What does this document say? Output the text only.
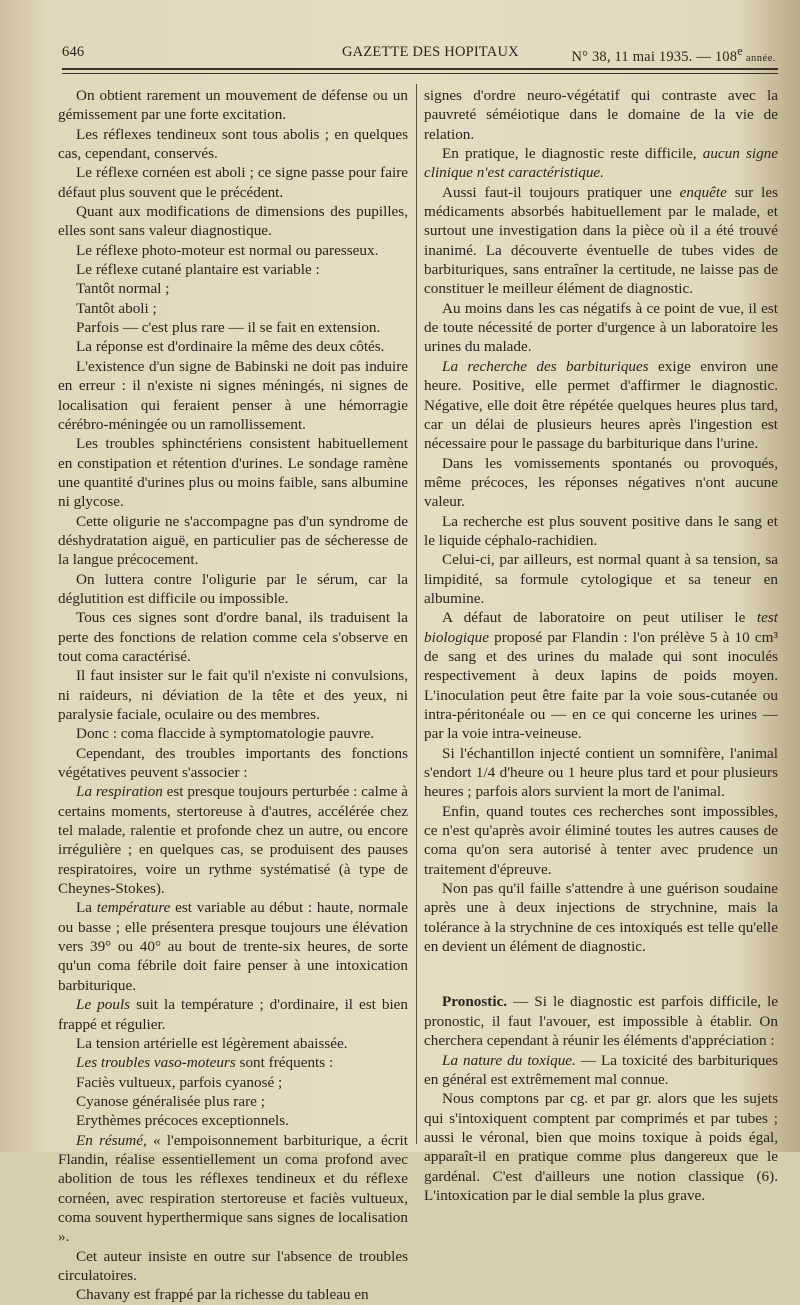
646	GAZETTE DES HOPITAUX	N° 38, 11 mai 1935. — 108e année.

On obtient rarement un mouvement de défense ou un gémissement par une forte excitation.

Les réflexes tendineux sont tous abolis ; en quelques cas, cependant, conservés.

Le réflexe cornéen est aboli ; ce signe passe pour faire défaut plus souvent que le précédent.

Quant aux modifications de dimensions des pupilles, elles sont sans valeur diagnostique.

Le réflexe photo-moteur est normal ou paresseux.

Le réflexe cutané plantaire est variable :

Tantôt normal ;

Tantôt aboli ;

Parfois — c'est plus rare — il se fait en extension.

La réponse est d'ordinaire la même des deux côtés.

L'existence d'un signe de Babinski ne doit pas induire en erreur : il n'existe ni signes méningés, ni signes de localisation qui feraient penser à une hémorragie cérébro-méningée ou un ramollissement.

Les troubles sphinctériens consistent habituellement en constipation et rétention d'urines. Le sondage ramène une quantité d'urines plus ou moins faible, sans albumine ni glycose.

Cette oligurie ne s'accompagne pas d'un syndrome de déshydratation aiguë, en particulier pas de sécheresse de la langue précocement.

On luttera contre l'oligurie par le sérum, car la déglutition est difficile ou impossible.

Tous ces signes sont d'ordre banal, ils traduisent la perte des fonctions de relation comme cela s'observe en tout coma caractérisé.

Il faut insister sur le fait qu'il n'existe ni convulsions, ni raideurs, ni déviation de la tête et des yeux, ni paralysie faciale, oculaire ou des membres.

Donc : coma flaccide à symptomatologie pauvre.

Cependant, des troubles importants des fonctions végétatives peuvent s'associer :

La respiration est presque toujours perturbée : calme à certains moments, stertoreuse à d'autres, accélérée chez tel malade, ralentie et profonde chez un autre, ou encore irrégulière ; en quelques cas, se produisent des pauses respiratoires, voire un rythme systématisé (à type de Cheynes-Stokes).

La température est variable au début : haute, normale ou basse ; elle présentera presque toujours une élévation vers 39° ou 40° au bout de trente-six heures, de sorte qu'un coma fébrile doit faire penser à une intoxication barbiturique.

Le pouls suit la température ; d'ordinaire, il est bien frappé et régulier.

La tension artérielle est légèrement abaissée.

Les troubles vaso-moteurs sont fréquents :

Faciès vultueux, parfois cyanosé ;

Cyanose généralisée plus rare ;

Erythèmes précoces exceptionnels.

En résumé, « l'empoisonnement barbiturique, a écrit Flandin, réalise essentiellement un coma profond avec abolition de tous les réflexes tendineux et du réflexe cornéen, avec respiration stertoreuse et faciès vultueux, coma souvent hyperthermique sans signes de localisation ».

Cet auteur insiste en outre sur l'absence de troubles circulatoires.

Chavany est frappé par la richesse du tableau en

signes d'ordre neuro-végétatif qui contraste avec la pauvreté séméiotique dans le domaine de la vie de relation.

En pratique, le diagnostic reste difficile, aucun signe clinique n'est caractéristique.

Aussi faut-il toujours pratiquer une enquête sur les médicaments absorbés habituellement par le malade, et surtout une investigation dans la pièce où il a été trouvé inanimé. La découverte éventuelle de tubes vides de barbituriques, sans entraîner la certitude, ne laisse pas de constituer le meilleur élément de diagnostic.

Au moins dans les cas négatifs à ce point de vue, il est de toute nécessité de porter d'urgence à un laboratoire les urines du malade.

La recherche des barbituriques exige environ une heure. Positive, elle permet d'affirmer le diagnostic. Négative, elle doit être répétée quelques heures plus tard, car un délai de plusieurs heures après l'ingestion est nécessaire pour le passage du barbiturique dans l'urine.

Dans les vomissements spontanés ou provoqués, même précoces, les réponses négatives n'ont aucune valeur.

La recherche est plus souvent positive dans le sang et le liquide céphalo-rachidien.

Celui-ci, par ailleurs, est normal quant à sa tension, sa limpidité, sa formule cytologique et sa teneur en albumine.

A défaut de laboratoire on peut utiliser le test biologique proposé par Flandin : l'on prélève 5 à 10 cm³ de sang et des urines du malade qui sont inoculés respectivement à deux lapins de poids moyen. L'inoculation peut être faite par la voie sous-cutanée ou intra-péritonéale ou — en ce qui concerne les urines — par la voie intra-veineuse.

Si l'échantillon injecté contient un somnifère, l'animal s'endort 1/4 d'heure ou 1 heure plus tard et pour plusieurs heures ; parfois alors survient la mort de l'animal.

Enfin, quand toutes ces recherches sont impossibles, ce n'est qu'après avoir éliminé toutes les autres causes de coma qu'on sera autorisé à tenter avec prudence un traitement d'épreuve.

Non pas qu'il faille s'attendre à une guérison soudaine après une à deux injections de strychnine, mais la tolérance à la strychnine de ces intoxiqués est telle qu'elle en devient un élément de diagnostic.

Pronostic. — Si le diagnostic est parfois difficile, le pronostic, il faut l'avouer, est impossible à établir. On cherchera cependant à réunir les éléments d'appréciation :

La nature du toxique. — La toxicité des barbituriques en général est extrêmement mal connue.

Nous comptons par cg. et par gr. alors que les sujets qui s'intoxiquent comptent par comprimés et par tubes ; aussi le véronal, bien que moins toxique à poids égal, apparaît-il en pratique comme plus dangereux que le gardénal. C'est d'ailleurs une notion classique (6). L'intoxication par le dial semble la plus grave.
